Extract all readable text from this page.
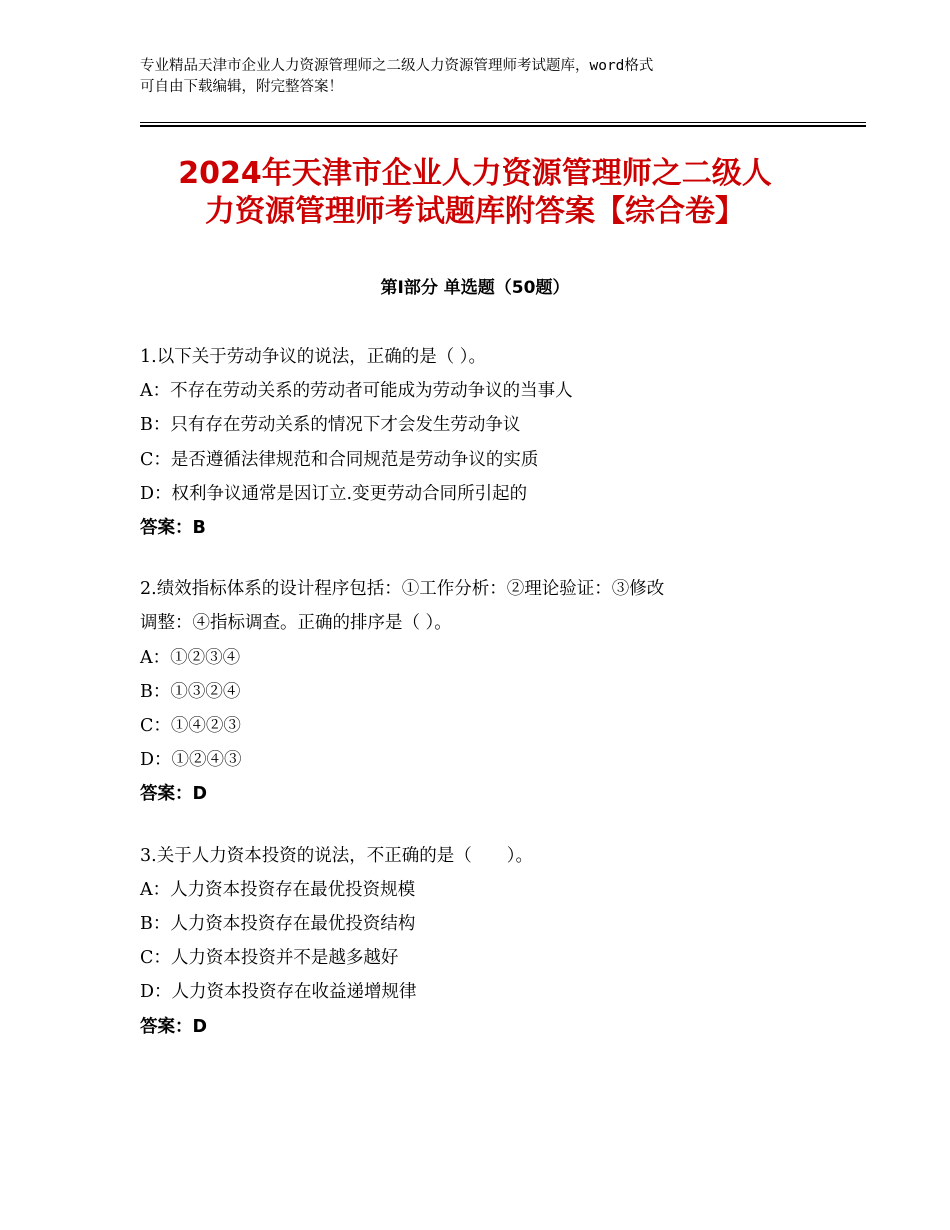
专业精品天津市企业人力资源管理师之二级人力资源管理师考试题库，word格式
可自由下载编辑，附完整答案！
2024年天津市企业人力资源管理师之二级人
力资源管理师考试题库附答案【综合卷】
第Ⅰ部分 单选题（50题）
1.以下关于劳动争议的说法，正确的是（ ）。
A：不存在劳动关系的劳动者可能成为劳动争议的当事人
B：只有存在劳动关系的情况下才会发生劳动争议
C：是否遵循法律规范和合同规范是劳动争议的实质
D：权利争议通常是因订立.变更劳动合同所引起的
答案：B
2.绩效指标体系的设计程序包括：①工作分析：②理论验证：③修改
调整：④指标调查。正确的排序是（ ）。
A：①②③④
B：①③②④
C：①④②③
D：①②④③
答案：D
3.关于人力资本投资的说法，不正确的是（　　）。
A：人力资本投资存在最优投资规模
B：人力资本投资存在最优投资结构
C：人力资本投资并不是越多越好
D：人力资本投资存在收益递增规律
答案：D
